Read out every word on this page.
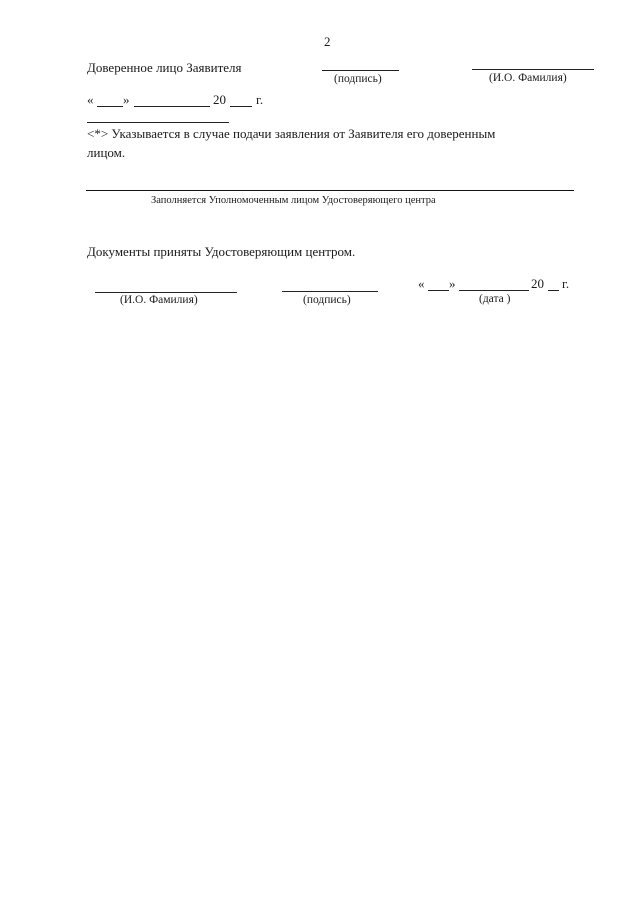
2
Доверенное лицо Заявителя
(подпись)	(И.О. Фамилия)
« »	20 г.
<*> Указывается в случае подачи заявления от Заявителя его доверенным
лицом.
Заполняется Уполномоченным лицом Удостоверяющего центра
Документы приняты Удостоверяющим центром.
(И.О. Фамилия)	(подпись)
« »	20 г.
(дата )
